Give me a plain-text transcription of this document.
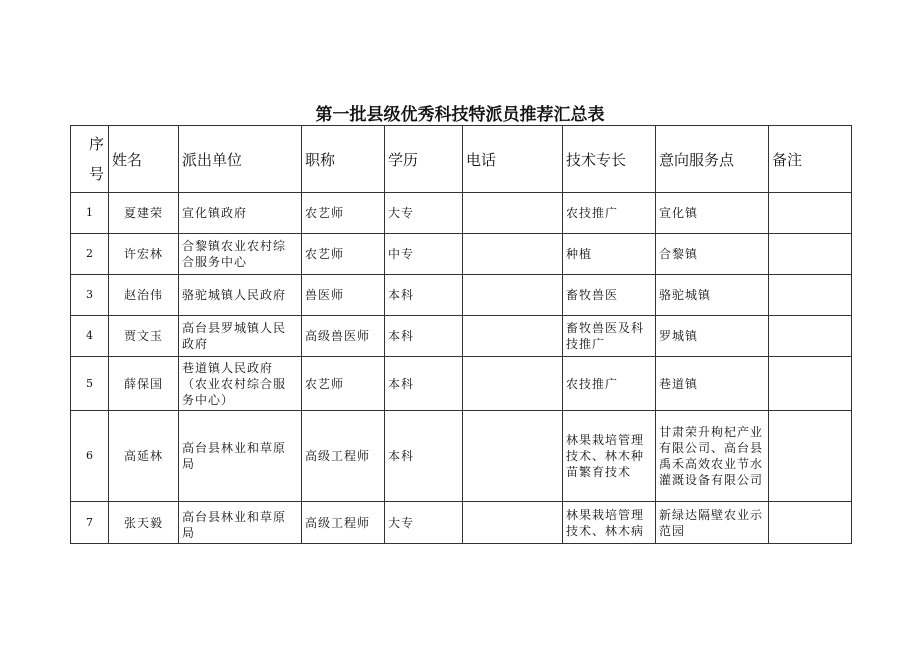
第一批县级优秀科技特派员推荐汇总表
序
号	姓名	派出单位	职称	学历	电话	技术专长	意向服务点	备注
1	夏建荣	宣化镇政府	农艺师	大专		农技推广	宣化镇	
2	许宏林	合黎镇农业农村综合服务中心	农艺师	中专		种植	合黎镇	
3	赵治伟	骆驼城镇人民政府	兽医师	本科		畜牧兽医	骆驼城镇	
4	贾文玉	高台县罗城镇人民政府	高级兽医师	本科		畜牧兽医及科技推广	罗城镇	
5	薛保国	巷道镇人民政府（农业农村综合服务中心）	农艺师	本科		农技推广	巷道镇	
6	高延林	高台县林业和草原局	高级工程师	本科		林果栽培管理技术、林木种苗繁育技术	甘肃荣升枸杞产业有限公司、高台县禹禾高效农业节水灌溉设备有限公司	
7	张天毅	高台县林业和草原局	高级工程师	大专		林果栽培管理技术、林木病	新绿达隔壁农业示范园	
